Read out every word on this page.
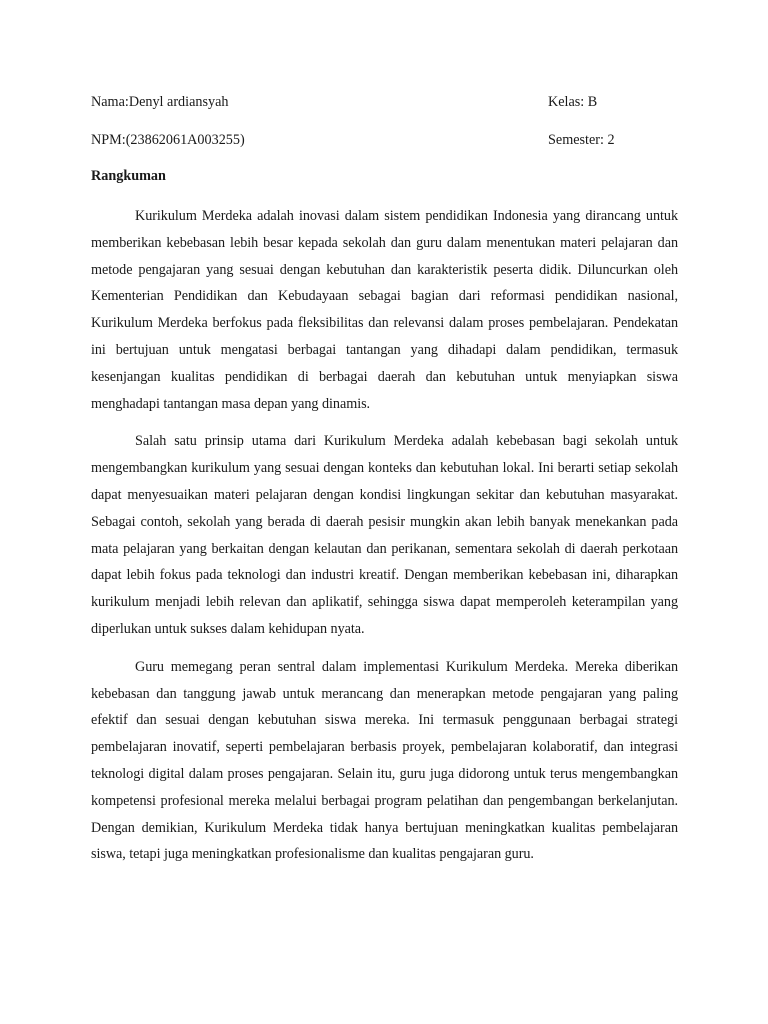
Nama:Denyl ardiansyah	Kelas: B
NPM:(23862061A003255)	Semester: 2
Rangkuman

Kurikulum Merdeka adalah inovasi dalam sistem pendidikan Indonesia yang dirancang untuk memberikan kebebasan lebih besar kepada sekolah dan guru dalam menentukan materi pelajaran dan metode pengajaran yang sesuai dengan kebutuhan dan karakteristik peserta didik. Diluncurkan oleh Kementerian Pendidikan dan Kebudayaan sebagai bagian dari reformasi pendidikan nasional, Kurikulum Merdeka berfokus pada fleksibilitas dan relevansi dalam proses pembelajaran. Pendekatan ini bertujuan untuk mengatasi berbagai tantangan yang dihadapi dalam pendidikan, termasuk kesenjangan kualitas pendidikan di berbagai daerah dan kebutuhan untuk menyiapkan siswa menghadapi tantangan masa depan yang dinamis.

Salah satu prinsip utama dari Kurikulum Merdeka adalah kebebasan bagi sekolah untuk mengembangkan kurikulum yang sesuai dengan konteks dan kebutuhan lokal. Ini berarti setiap sekolah dapat menyesuaikan materi pelajaran dengan kondisi lingkungan sekitar dan kebutuhan masyarakat. Sebagai contoh, sekolah yang berada di daerah pesisir mungkin akan lebih banyak menekankan pada mata pelajaran yang berkaitan dengan kelautan dan perikanan, sementara sekolah di daerah perkotaan dapat lebih fokus pada teknologi dan industri kreatif. Dengan memberikan kebebasan ini, diharapkan kurikulum menjadi lebih relevan dan aplikatif, sehingga siswa dapat memperoleh keterampilan yang diperlukan untuk sukses dalam kehidupan nyata.

Guru memegang peran sentral dalam implementasi Kurikulum Merdeka. Mereka diberikan kebebasan dan tanggung jawab untuk merancang dan menerapkan metode pengajaran yang paling efektif dan sesuai dengan kebutuhan siswa mereka. Ini termasuk penggunaan berbagai strategi pembelajaran inovatif, seperti pembelajaran berbasis proyek, pembelajaran kolaboratif, dan integrasi teknologi digital dalam proses pengajaran. Selain itu, guru juga didorong untuk terus mengembangkan kompetensi profesional mereka melalui berbagai program pelatihan dan pengembangan berkelanjutan. Dengan demikian, Kurikulum Merdeka tidak hanya bertujuan meningkatkan kualitas pembelajaran siswa, tetapi juga meningkatkan profesionalisme dan kualitas pengajaran guru.
